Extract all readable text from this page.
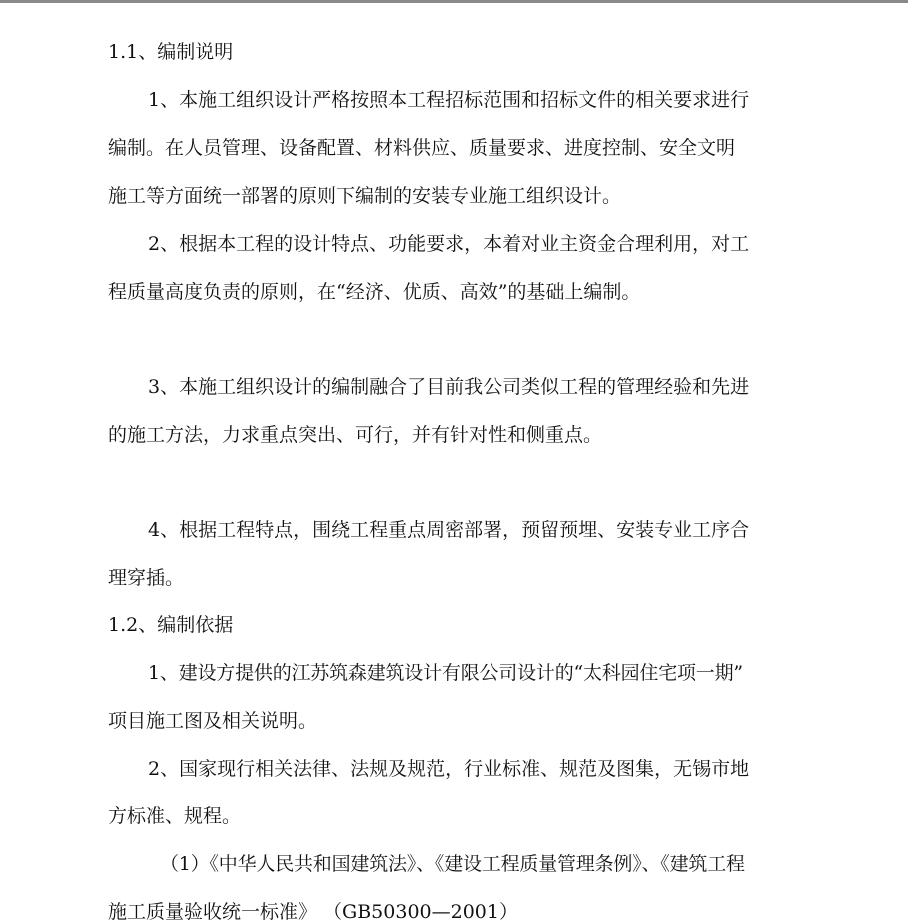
1.1、编制说明
1、本施工组织设计严格按照本工程招标范围和招标文件的相关要求进行
编制。在人员管理、设备配置、材料供应、质量要求、进度控制、安全文明
施工等方面统一部署的原则下编制的安装专业施工组织设计。
2、根据本工程的设计特点、功能要求，本着对业主资金合理利用，对工
程质量高度负责的原则，在“经济、优质、高效”的基础上编制。
3、本施工组织设计的编制融合了目前我公司类似工程的管理经验和先进
的施工方法，力求重点突出、可行，并有针对性和侧重点。
4、根据工程特点，围绕工程重点周密部署，预留预埋、安装专业工序合
理穿插。
1.2、编制依据
1、建设方提供的江苏筑森建筑设计有限公司设计的“太科园住宅项一期”
项目施工图及相关说明。
2、国家现行相关法律、法规及规范，行业标准、规范及图集，无锡市地
方标准、规程。
（1）《中华人民共和国建筑法》、《建设工程质量管理条例》、《建筑工程
施工质量验收统一标准》 （GB50300—2001）
